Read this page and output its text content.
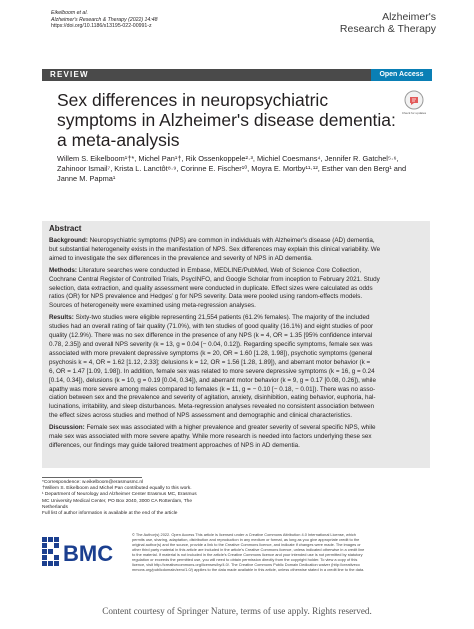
Eikelboom et al.
Alzheimer's Research & Therapy (2022) 14:48
https://doi.org/10.1186/s13195-022-00991-z
Alzheimer's
Research & Therapy
REVIEW	Open Access
Sex differences in neuropsychiatric
symptoms in Alzheimer's disease dementia:
a meta-analysis
Check for updates
Willem S. Eikelboom¹†*, Michel Pan¹†, Rik Ossenkoppele²·³, Michiel Coesmans⁴, Jennifer R. Gatchel⁵·⁶,
Zahinoor Ismail⁷, Krista L. Lanctôt⁸·⁹, Corinne E. Fischer¹⁰, Moyra E. Mortby¹¹·¹², Esther van den Berg¹ and
Janne M. Papma¹
Abstract
Background: Neuropsychiatric symptoms (NPS) are common in individuals with Alzheimer's disease (AD) dementia,
but substantial heterogeneity exists in the manifestation of NPS. Sex differences may explain this clinical variability. We
aimed to investigate the sex differences in the prevalence and severity of NPS in AD dementia.
Methods: Literature searches were conducted in Embase, MEDLINE/PubMed, Web of Science Core Collection,
Cochrane Central Register of Controlled Trials, PsycINFO, and Google Scholar from inception to February 2021. Study
selection, data extraction, and quality assessment were conducted in duplicate. Effect sizes were calculated as odds
ratios (OR) for NPS prevalence and Hedges' g for NPS severity. Data were pooled using random-effects models.
Sources of heterogeneity were examined using meta-regression analyses.
Results: Sixty-two studies were eligible representing 21,554 patients (61.2% females). The majority of the included
studies had an overall rating of fair quality (71.0%), with ten studies of good quality (16.1%) and eight studies of poor
quality (12.9%). There was no sex difference in the presence of any NPS (k = 4, OR = 1.35 [95% confidence interval
0.78, 2.35]) and overall NPS severity (k = 13, g = 0.04 [− 0.04, 0.12]). Regarding specific symptoms, female sex was
associated with more prevalent depressive symptoms (k = 20, OR = 1.60 [1.28, 1.98]), psychotic symptoms (general
psychosis k = 4, OR = 1.62 [1.12, 2.33]; delusions k = 12, OR = 1.56 [1.28, 1.89]), and aberrant motor behavior (k =
6, OR = 1.47 [1.09, 1.98]). In addition, female sex was related to more severe depressive symptoms (k = 16, g = 0.24
[0.14, 0.34]), delusions (k = 10, g = 0.19 [0.04, 0.34]), and aberrant motor behavior (k = 9, g = 0.17 [0.08, 0.26]), while
apathy was more severe among males compared to females (k = 11, g = − 0.10 [− 0.18, − 0.01]). There was no asso-
ciation between sex and the prevalence and severity of agitation, anxiety, disinhibition, eating behavior, euphoria, hal-
lucinations, irritability, and sleep disturbances. Meta-regression analyses revealed no consistent association between
the effect sizes across studies and method of NPS assessment and demographic and clinical characteristics.
Discussion: Female sex was associated with a higher prevalence and greater severity of several specific NPS, while
male sex was associated with more severe apathy. While more research is needed into factors underlying these sex
differences, our findings may guide tailored treatment approaches of NPS in AD dementia.
*Correspondence: w.eikelboom@erasmusmc.nl
†Willem S. Eikelboom and Michel Pan contributed equally to this work.
¹ Department of Neurology and Alzheimer Center Erasmus MC, Erasmus
MC University Medical Center, PO Box 2040, 3000 CA Rotterdam, The
Netherlands
Full list of author information is available at the end of the article
BMC
© The Author(s) 2022. Open Access This article is licensed under a Creative Commons Attribution 4.0 International License, which
permits use, sharing, adaptation, distribution and reproduction in any medium or format, as long as you give appropriate credit to the
original author(s) and the source, provide a link to the Creative Commons licence, and indicate if changes were made. The images or
other third party material in this article are included in the article's Creative Commons licence, unless indicated otherwise in a credit line
to the material. If material is not included in the article's Creative Commons licence and your intended use is not permitted by statutory
regulation or exceeds the permitted use, you will need to obtain permission directly from the copyright holder. To view a copy of this
licence, visit http://creativecommons.org/licenses/by/4.0/. The Creative Commons Public Domain Dedication waiver (http://creativeco
mmons.org/publicdomain/zero/1.0/) applies to the data made available in this article, unless otherwise stated in a credit line to the data.
Content courtesy of Springer Nature, terms of use apply. Rights reserved.
